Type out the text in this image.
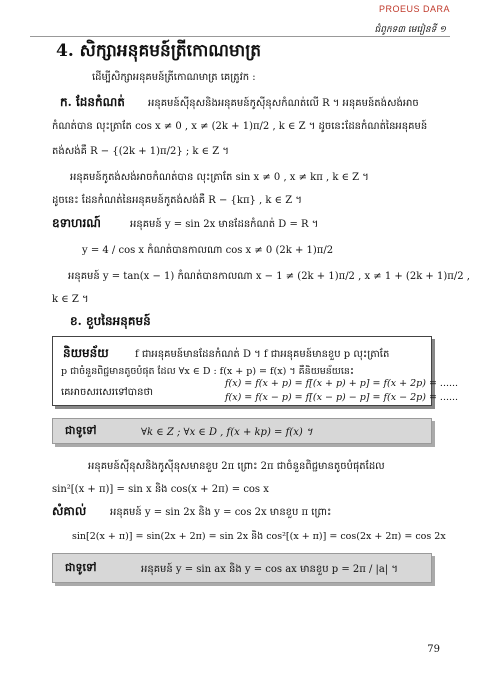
PROEUS DARA
ជំពូកទ៣ មេរៀនទី ១
4. សិក្សាអនុគមន៍ត្រីកោណមាត្រ
ដើម្បីសិក្សាអនុគមន៍ត្រីកោណមាត្រ គេត្រូវក :
ក. ដែនកំណត់ អនុគមន៍ស៊ីនុសនិងអនុគមន៍កូស៊ីនុសកំណត់លើ R ។ អនុគមន៍តង់សង់អាច
កំណត់បាន លុះត្រាតែ cos x ≠ 0 , x ≠ (2k + 1)π/2 , k ∈ Z ។ ដូចនេះដែនកំណត់នៃអនុគមន៍
តង់សង់គឺ R − {(2k + 1)π/2} ; k ∈ Z ។
អនុគមន៍កូតង់សង់អាចកំណត់បាន លុះត្រាតែ sin x ≠ 0 , x ≠ kπ , k ∈ Z ។
ដូចនេះ ដែនកំណត់នៃអនុគមន៍កូតង់សង់គឺ R − {kπ} , k ∈ Z ។
ឧទាហរណ៍	អនុគមន៍ y = sin 2x មានដែនកំណត់ D = R ។
y = 4 / cos x កំណត់បានកាលណា cos x ≠ 0 (2k + 1)π/2
អនុគមន៍ y = tan(x − 1) កំណត់បានកាលណា x − 1 ≠ (2k + 1)π/2 , x ≠ 1 + (2k + 1)π/2 ,
k ∈ Z ។
ខ. ខួបនៃអនុគមន៍
និយមន័យ	f ជាអនុគមន៍មានដែនកំណត់ D ។ f ជាអនុគមន៍មានខួប p លុះត្រាតែ
p ជាចំនួនពិជ្ជមានតូចបំផុត ដែល ∀x ∈ D : f(x + p) = f(x) ។ គឺនិយមន័យនេះ
f(x) = f(x + p) = f[(x + p) + p] = f(x + 2p) = ......
គេអាចសរសេរទៅបានថា	f(x) = f(x − p) = f[(x − p) − p] = f(x − 2p) = ......
ជាទូទៅ	∀k ∈ Z ; ∀x ∈ D , f(x + kp) = f(x) ។
អនុគមន៍ស៊ីនុសនិងកូស៊ីនុសមានខួប 2π ព្រោះ 2π ជាចំនួនពិជ្ជមានតូចបំផុតដែល
sin²[(x + π)] = sin x និង cos(x + 2π) = cos x
សំគាល់ អនុគមន៍ y = sin 2x និង y = cos 2x មានខួប π ព្រោះ
sin[2(x + π)] = sin(2x + 2π) = sin 2x និង cos²[(x + π)] = cos(2x + 2π) = cos 2x
ជាទូទៅ	អនុគមន៍ y = sin ax និង y = cos ax មានខួប p = 2π / |a| ។
79
